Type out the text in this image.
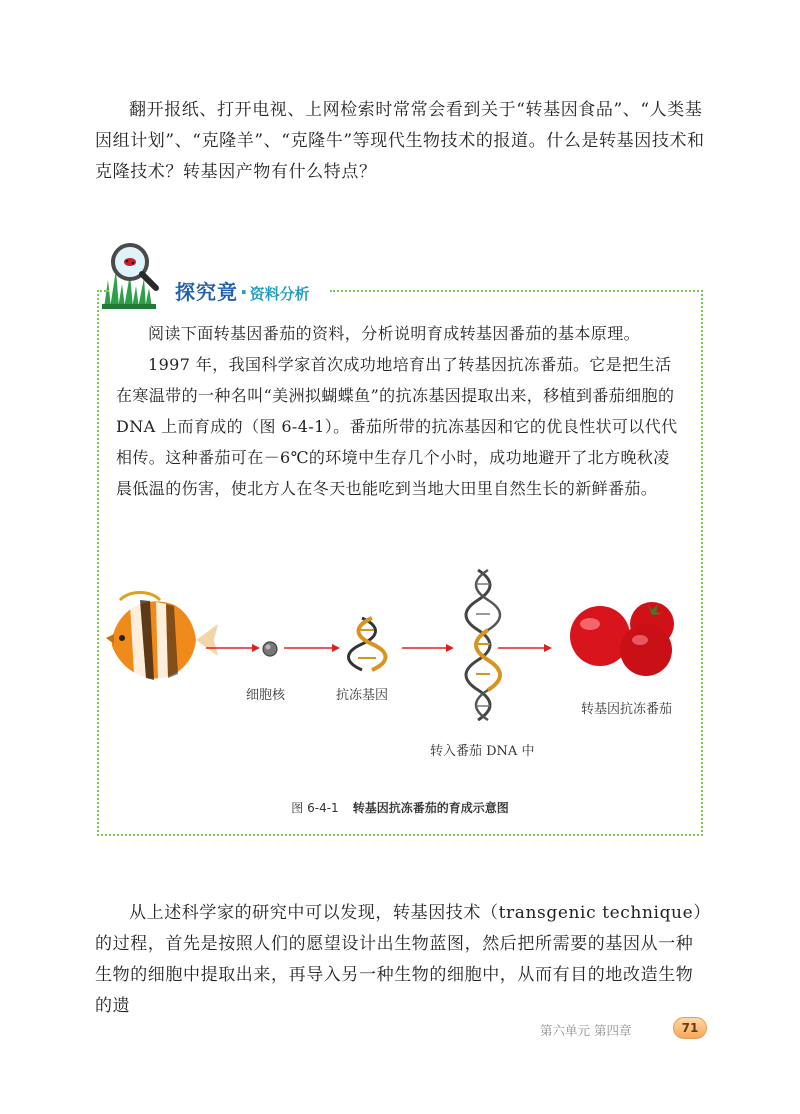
翻开报纸、打开电视、上网检索时常常会看到关于“转基因食品”、“人类基因组计划”、“克隆羊”、“克隆牛”等现代生物技术的报道。什么是转基因技术和克隆技术？转基因产物有什么特点？

探究竟 · 资料分析

阅读下面转基因番茄的资料，分析说明育成转基因番茄的基本原理。

1997 年，我国科学家首次成功地培育出了转基因抗冻番茄。它是把生活在寒温带的一种名叫“美洲拟蝴蝶鱼”的抗冻基因提取出来，移植到番茄细胞的 DNA 上而育成的（图 6-4-1）。番茄所带的抗冻基因和它的优良性状可以代代相传。这种番茄可在－6℃的环境中生存几个小时，成功地避开了北方晚秋凌晨低温的伤害，使北方人在冬天也能吃到当地大田里自然生长的新鲜番茄。

细胞核	抗冻基因
转基因抗冻番茄
转入番茄 DNA 中
图 6-4-1 转基因抗冻番茄的育成示意图

从上述科学家的研究中可以发现，转基因技术（transgenic technique）的过程，首先是按照人们的愿望设计出生物蓝图，然后把所需要的基因从一种生物的细胞中提取出来，再导入另一种生物的细胞中，从而有目的地改造生物的遗

第六单元 第四章	71
